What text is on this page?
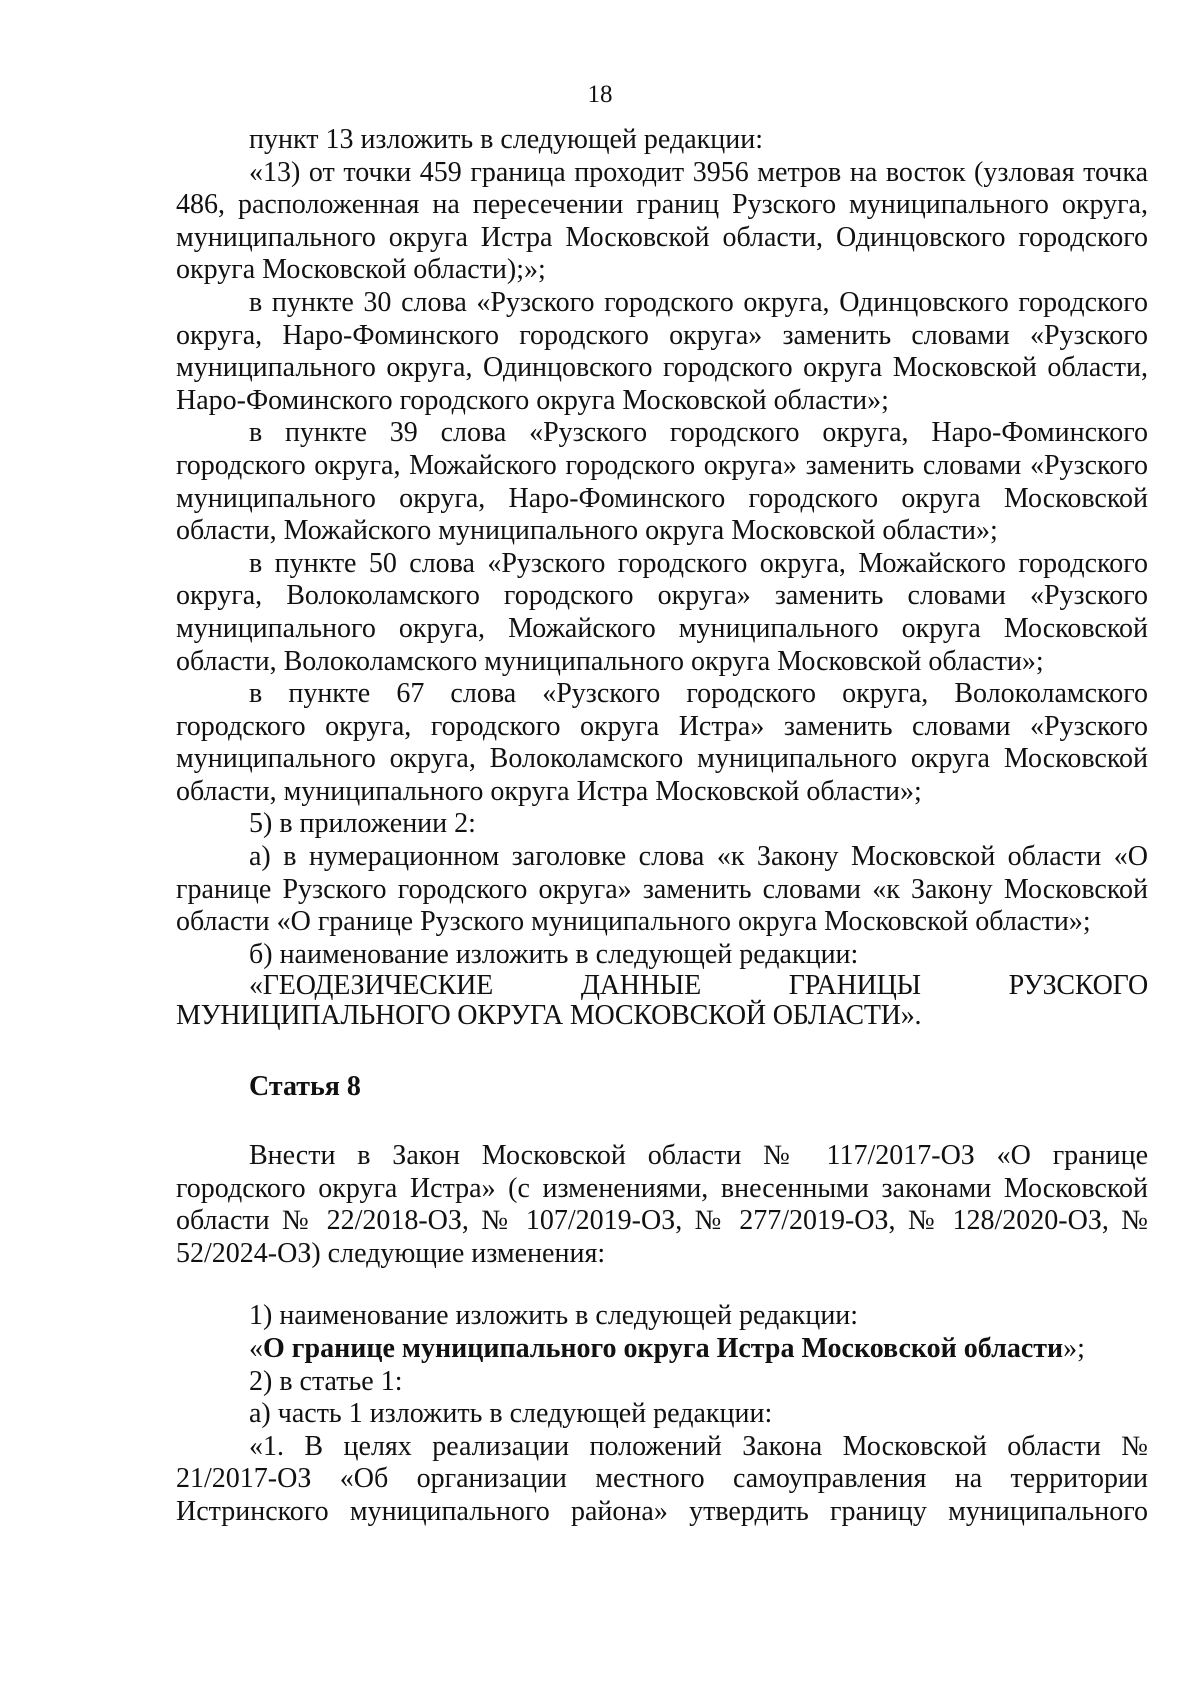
18

пункт 13 изложить в следующей редакции:

«13) от точки 459 граница проходит 3956 метров на восток (узловая точка 486, расположенная на пересечении границ Рузского муниципального округа, муниципального округа Истра Московской области, Одинцовского городского округа Московской области);»;

в пункте 30 слова «Рузского городского округа, Одинцовского городского округа, Наро-Фоминского городского округа» заменить словами «Рузского муниципального округа, Одинцовского городского округа Московской области, Наро-Фоминского городского округа Московской области»;

в пункте 39 слова «Рузского городского округа, Наро-Фоминского городского округа, Можайского городского округа» заменить словами «Рузского муниципального округа, Наро-Фоминского городского округа Московской области, Можайского муниципального округа Московской области»;

в пункте 50 слова «Рузского городского округа, Можайского городского округа, Волоколамского городского округа» заменить словами «Рузского муниципального округа, Можайского муниципального округа Московской области, Волоколамского муниципального округа Московской области»;

в пункте 67 слова «Рузского городского округа, Волоколамского городского округа, городского округа Истра» заменить словами «Рузского муниципального округа, Волоколамского муниципального округа Московской области, муниципального округа Истра Московской области»;

5) в приложении 2:

а) в нумерационном заголовке слова «к Закону Московской области «О границе Рузского городского округа» заменить словами «к Закону Московской области «О границе Рузского муниципального округа Московской области»;

б) наименование изложить в следующей редакции:

«ГЕОДЕЗИЧЕСКИЕ ДАННЫЕ ГРАНИЦЫ РУЗСКОГО МУНИЦИПАЛЬНОГО ОКРУГА МОСКОВСКОЙ ОБЛАСТИ».

Статья 8

Внести в Закон Московской области № 117/2017-ОЗ «О границе городского округа Истра» (с изменениями, внесенными законами Московской области № 22/2018-ОЗ, № 107/2019-ОЗ, № 277/2019-ОЗ, № 128/2020-ОЗ, № 52/2024-ОЗ) следующие изменения:

1) наименование изложить в следующей редакции:

«О границе муниципального округа Истра Московской области»;

2) в статье 1:

а) часть 1 изложить в следующей редакции:

«1. В целях реализации положений Закона Московской области № 21/2017-ОЗ «Об организации местного самоуправления на территории Истринского муниципального района» утвердить границу муниципального
